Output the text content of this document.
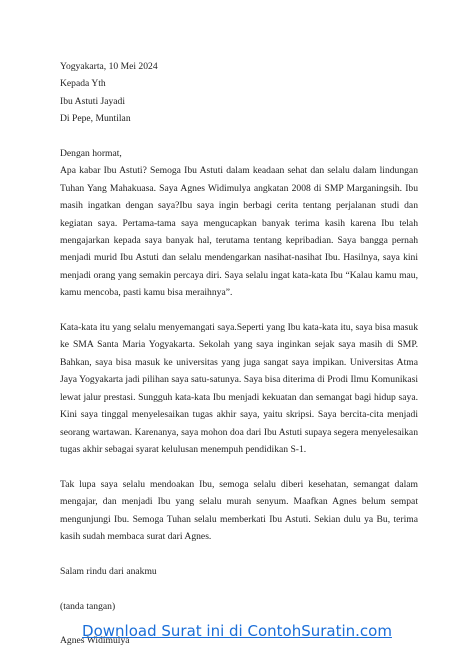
Yogyakarta, 10 Mei 2024
Kepada Yth
Ibu Astuti Jayadi
Di Pepe, Muntilan
Dengan hormat,

Apa kabar Ibu Astuti? Semoga Ibu Astuti dalam keadaan sehat dan selalu dalam lindungan Tuhan Yang Mahakuasa. Saya Agnes Widimulya angkatan 2008 di SMP Marganingsih. Ibu masih ingatkan dengan saya?Ibu saya ingin berbagi cerita tentang perjalanan studi dan kegiatan saya. Pertama-tama saya mengucapkan banyak terima kasih karena Ibu telah mengajarkan kepada saya banyak hal, terutama tentang kepribadian. Saya bangga pernah menjadi murid Ibu Astuti dan selalu mendengarkan nasihat-nasihat Ibu. Hasilnya, saya kini menjadi orang yang semakin percaya diri. Saya selalu ingat kata-kata Ibu “Kalau kamu mau, kamu mencoba, pasti kamu bisa meraihnya”.

Kata-kata itu yang selalu menyemangati saya.Seperti yang Ibu kata-kata itu, saya bisa masuk ke SMA Santa Maria Yogyakarta. Sekolah yang saya inginkan sejak saya masih di SMP. Bahkan, saya bisa masuk ke universitas yang juga sangat saya impikan. Universitas Atma Jaya Yogyakarta jadi pilihan saya satu-satunya. Saya bisa diterima di Prodi Ilmu Komunikasi lewat jalur prestasi. Sungguh kata-kata Ibu menjadi kekuatan dan semangat bagi hidup saya. Kini saya tinggal menyelesaikan tugas akhir saya, yaitu skripsi. Saya bercita-cita menjadi seorang wartawan. Karenanya, saya mohon doa dari Ibu Astuti supaya segera menyelesaikan tugas akhir sebagai syarat kelulusan menempuh pendidikan S-1.

Tak lupa saya selalu mendoakan Ibu, semoga selalu diberi kesehatan, semangat dalam mengajar, dan menjadi Ibu yang selalu murah senyum. Maafkan Agnes belum sempat mengunjungi Ibu. Semoga Tuhan selalu memberkati Ibu Astuti. Sekian dulu ya Bu, terima kasih sudah membaca surat dari Agnes.

Salam rindu dari anakmu
(tanda tangan)
Agnes Widimulya
Download Surat ini di ContohSuratin.com
